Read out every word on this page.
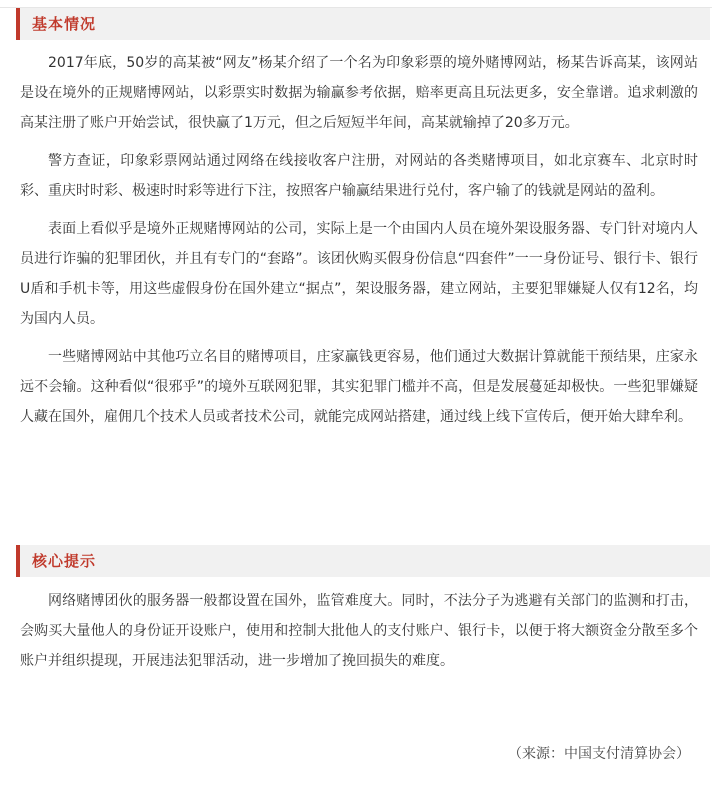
基本情况

2017年底，50岁的高某被“网友”杨某介绍了一个名为印象彩票的境外赌博网站，杨某告诉高某，该网站是设在境外的正规赌博网站，以彩票实时数据为输赢参考依据，赔率更高且玩法更多，安全靠谱。追求刺激的高某注册了账户开始尝试，很快赢了1万元，但之后短短半年间，高某就输掉了20多万元。

警方查证，印象彩票网站通过网络在线接收客户注册，对网站的各类赌博项目，如北京赛车、北京时时彩、重庆时时彩、极速时时彩等进行下注，按照客户输赢结果进行兑付，客户输了的钱就是网站的盈利。

表面上看似乎是境外正规赌博网站的公司，实际上是一个由国内人员在境外架设服务器、专门针对境内人员进行诈骗的犯罪团伙，并且有专门的“套路”。该团伙购买假身份信息“四套件”一一身份证号、银行卡、银行U盾和手机卡等，用这些虚假身份在国外建立“据点”，架设服务器，建立网站，主要犯罪嫌疑人仅有12名，均为国内人员。

一些赌博网站中其他巧立名目的赌博项目，庄家赢钱更容易，他们通过大数据计算就能干预结果，庄家永远不会输。这种看似“很邪乎”的境外互联网犯罪，其实犯罪门槛并不高，但是发展蔓延却极快。一些犯罪嫌疑人藏在国外，雇佣几个技术人员或者技术公司，就能完成网站搭建，通过线上线下宣传后，便开始大肆牟利。

核心提示

网络赌博团伙的服务器一般都设置在国外，监管难度大。同时，不法分子为逃避有关部门的监测和打击，会购买大量他人的身份证开设账户，使用和控制大批他人的支付账户、银行卡，以便于将大额资金分散至多个账户并组织提现，开展违法犯罪活动，进一步增加了挽回损失的难度。

（来源：中国支付清算协会）
